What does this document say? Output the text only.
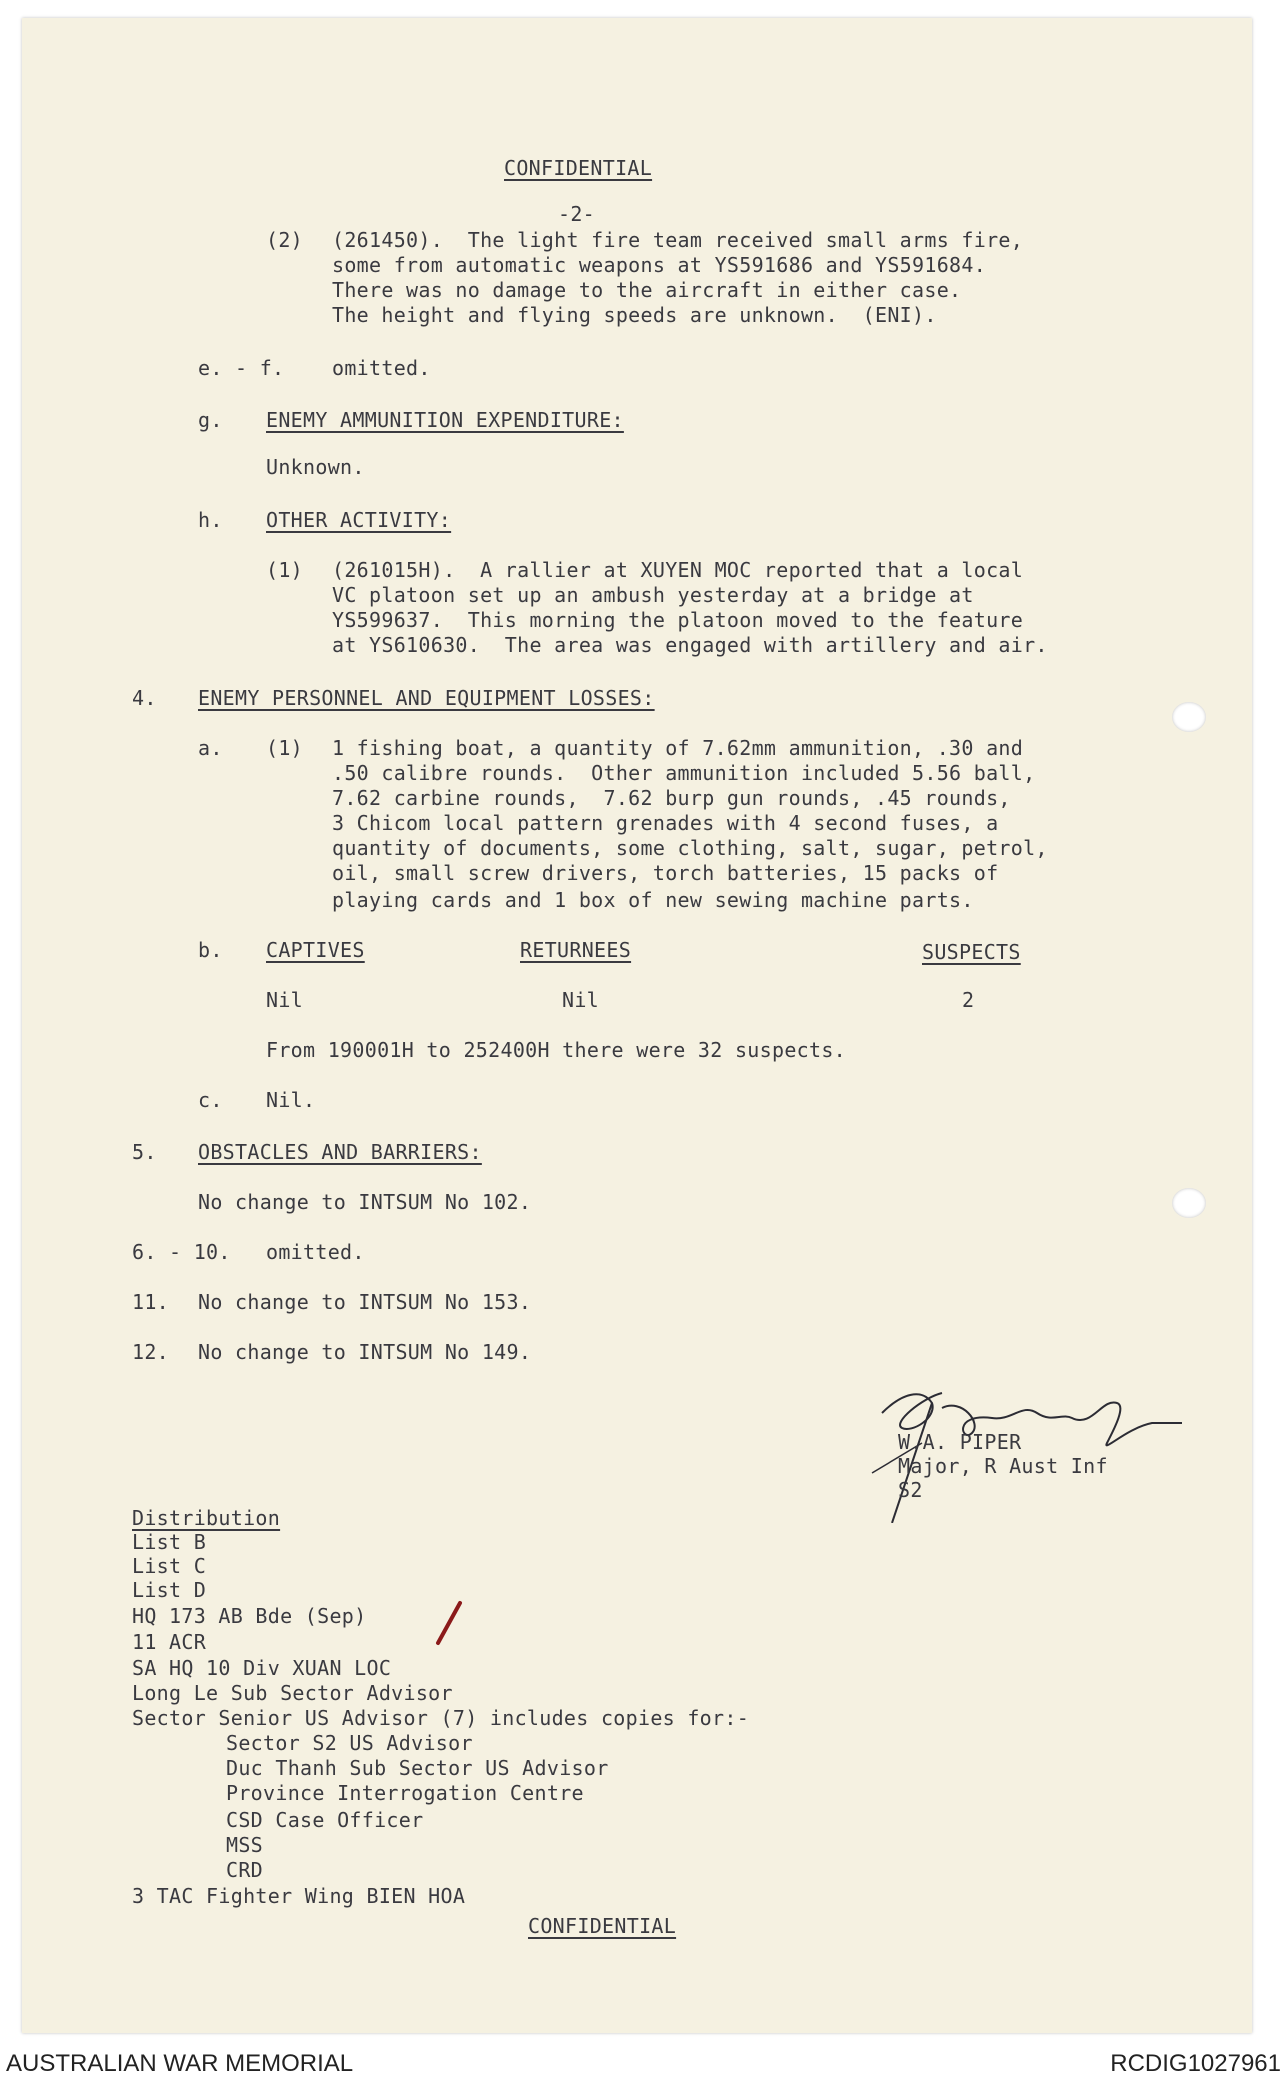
CONFIDENTIAL
-2-
(2) (261450).  The light fire team received small arms fire,
some from automatic weapons at YS591686 and YS591684.
There was no damage to the aircraft in either case.
The height and flying speeds are unknown.  (ENI).
e. - f. omitted.
g. ENEMY AMMUNITION EXPENDITURE:
Unknown.
h. OTHER ACTIVITY:
(1) (261015H).  A rallier at XUYEN MOC reported that a local
VC platoon set up an ambush yesterday at a bridge at
YS599637.  This morning the platoon moved to the feature
at YS610630.  The area was engaged with artillery and air.
4. ENEMY PERSONNEL AND EQUIPMENT LOSSES:
a. (1) 1 fishing boat, a quantity of 7.62mm ammunition, .30 and
.50 calibre rounds.  Other ammunition included 5.56 ball,
7.62 carbine rounds,  7.62 burp gun rounds, .45 rounds,
3 Chicom local pattern grenades with 4 second fuses, a
quantity of documents, some clothing, salt, sugar, petrol,
oil, small screw drivers, torch batteries, 15 packs of
playing cards and 1 box of new sewing machine parts.
b. CAPTIVES	RETURNEES	SUSPECTS
Nil	Nil	2
From 190001H to 252400H there were 32 suspects.
c. Nil.
5. OBSTACLES AND BARRIERS:
No change to INTSUM No 102.
6. - 10. omitted.
11. No change to INTSUM No 153.
12. No change to INTSUM No 149.
W.A. PIPER
Major, R Aust Inf
S2
Distribution
List B
List C
List D
HQ 173 AB Bde (Sep)
11 ACR
SA HQ 10 Div XUAN LOC
Long Le Sub Sector Advisor
Sector Senior US Advisor (7) includes copies for:-
Sector S2 US Advisor
Duc Thanh Sub Sector US Advisor
Province Interrogation Centre
CSD Case Officer
MSS
CRD
3 TAC Fighter Wing BIEN HOA
CONFIDENTIAL
AUSTRALIAN WAR MEMORIAL	RCDIG1027961
